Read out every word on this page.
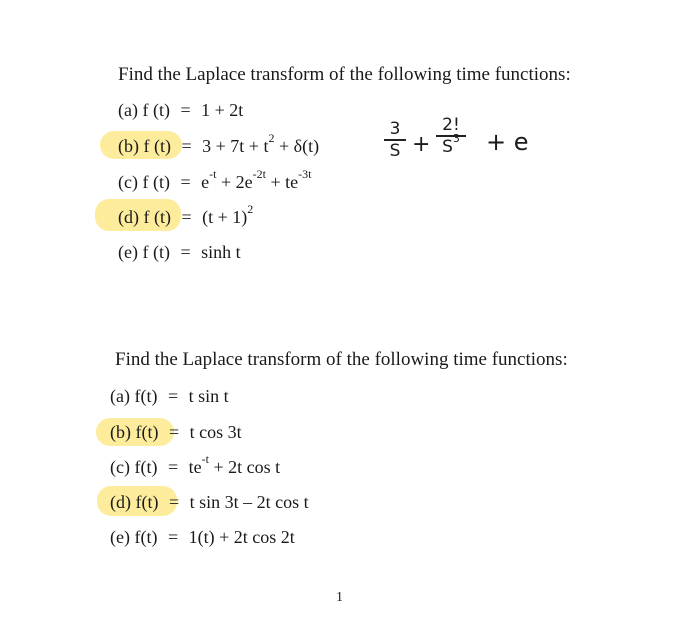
Find the Laplace transform of the following time functions:
(a) f (t) = 1 + 2t
(b) f $(t) = 3 + 7t + t^2 + \delta(t)$
(c) f $(t) = e^{-t} + 2e^{-2t} + te^{-3t}$
(d) f $(t) = (t + 1)^2$
(e) f (t) = sinh t
3
S +
2!
$S^3 + e$
Find the Laplace transform of the following time functions:
(a) f(t) = t sin t
(b) f(t) = t cos 3t
(c) $f(t) = te^{-t} + 2t$ cos t
(d) f(t) = t sin 3t – 2t cos t
(e) f(t) = 1(t) + 2t cos 2t
1
